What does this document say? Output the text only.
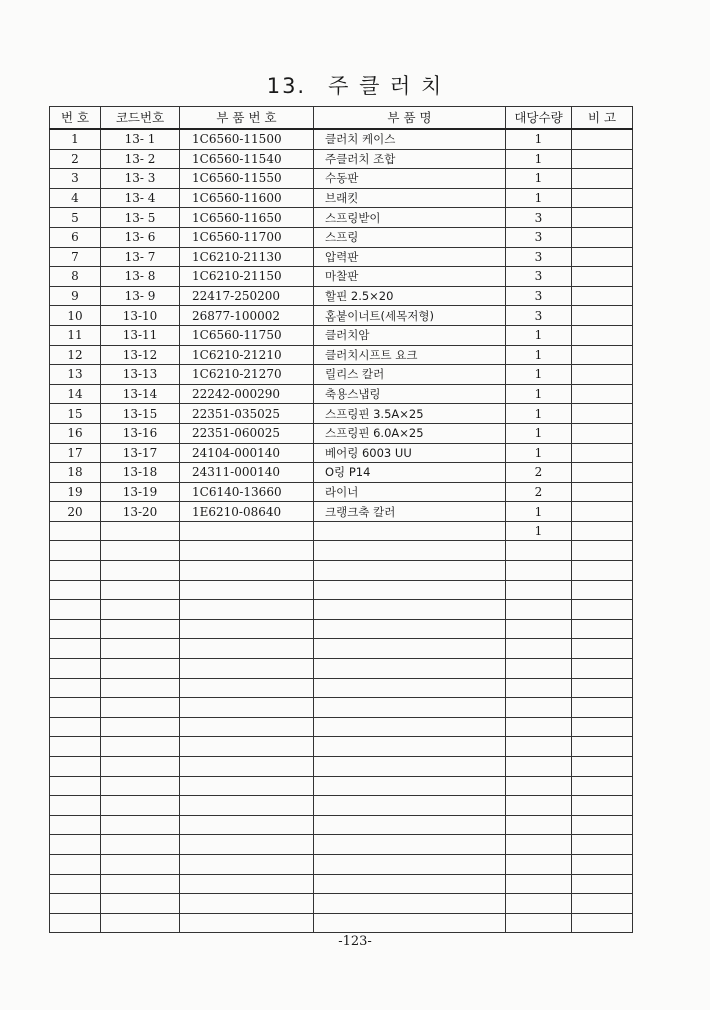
13. 주 클 러 치
번 호	코드번호	부 품 번 호	부 품 명	대당수량	비 고
1	13- 1	1C6560-11500	클러치 케이스	1	
2	13- 2	1C6560-11540	주클러치 조합	1	
3	13- 3	1C6560-11550	수동판	1	
4	13- 4	1C6560-11600	브래킷	1	
5	13- 5	1C6560-11650	스프링받이	3	
6	13- 6	1C6560-11700	스프링	3	
7	13- 7	1C6210-21130	압력판	3	
8	13- 8	1C6210-21150	마찰판	3	
9	13- 9	22417-250200	할핀 2.5×20	3	
10	13-10	26877-100002	홈붙이너트(세목저형)	3	
11	13-11	1C6560-11750	클러치암	1	
12	13-12	1C6210-21210	클러치시프트 요크	1	
13	13-13	1C6210-21270	릴리스 칼러	1	
14	13-14	22242-000290	축용스냅링	1	
15	13-15	22351-035025	스프링핀 3.5A×25	1	
16	13-16	22351-060025	스프링핀 6.0A×25	1	
17	13-17	24104-000140	베어링 6003 UU	1	
18	13-18	24311-000140	O링 P14	2	
19	13-19	1C6140-13660	라이너	2	
20	13-20	1E6210-08640	크랭크축 칼러	1	
				1	

-123-
